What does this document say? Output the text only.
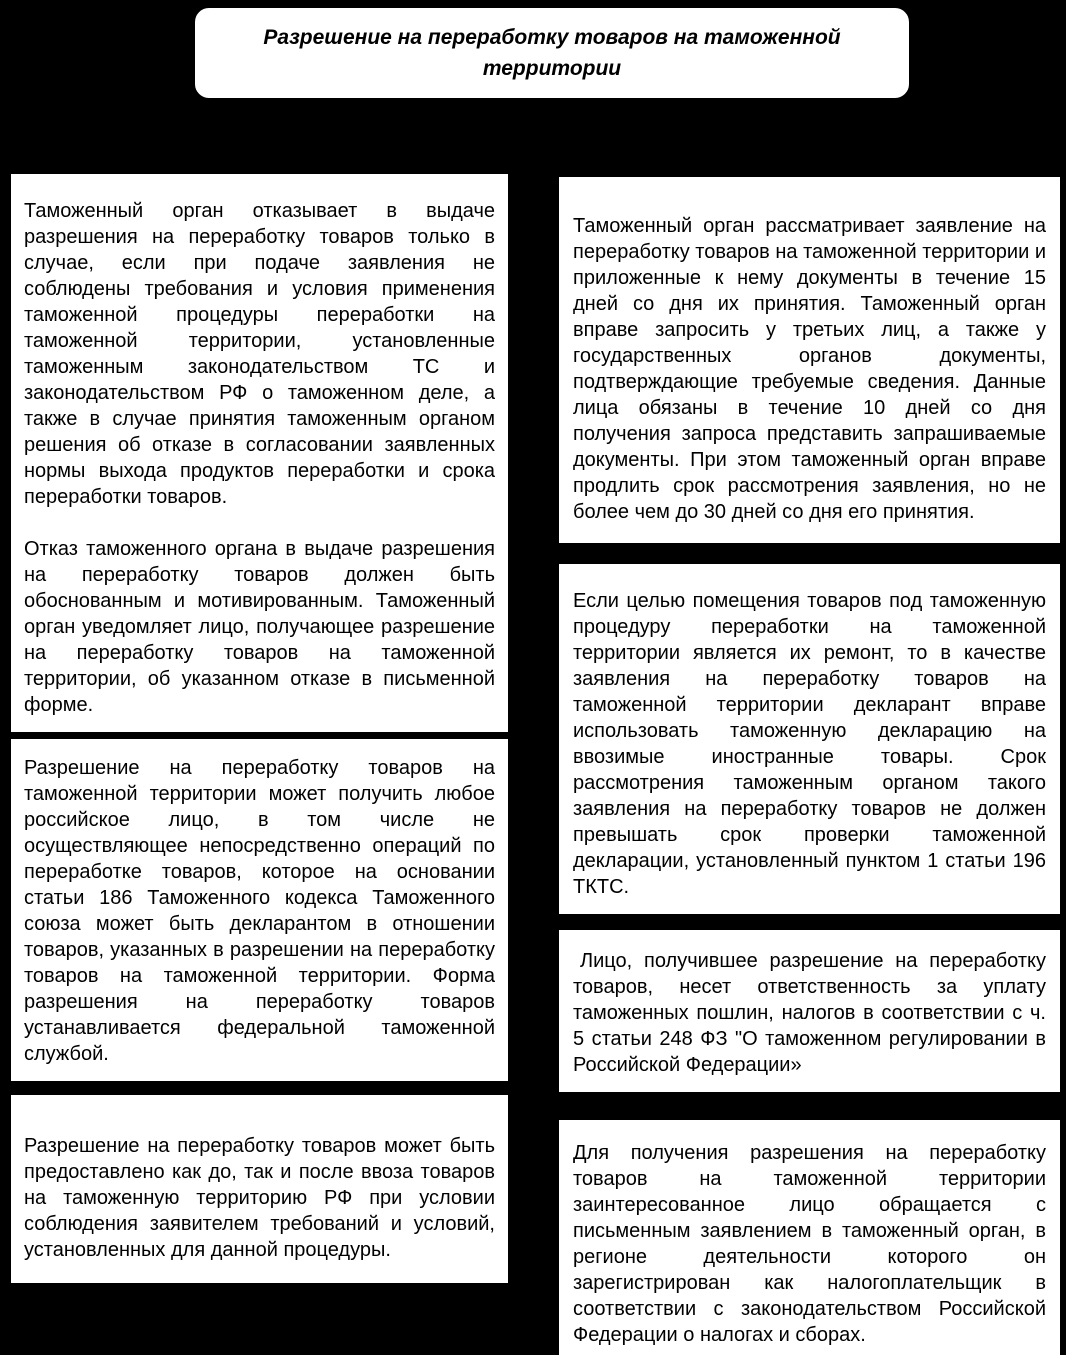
Разрешение на переработку товаров на таможенной территории

Таможенный орган отказывает в выдаче разрешения на переработку товаров только в случае, если при подаче заявления не соблюдены требования и условия применения таможенной процедуры переработки на таможенной территории, установленные таможенным законодательством ТС и законодательством РФ о таможенном деле, а также в случае принятия таможенным органом решения об отказе в согласовании заявленных нормы выхода продуктов переработки и срока переработки товаров.

Отказ таможенного органа в выдаче разрешения на переработку товаров должен быть обоснованным и мотивированным. Таможенный орган уведомляет лицо, получающее разрешение на переработку товаров на таможенной территории, об указанном отказе в письменной форме.

Разрешение на переработку товаров на таможенной территории может получить любое российское лицо, в том числе не осуществляющее непосредственно операций по переработке товаров, которое на основании статьи 186 Таможенного кодекса Таможенного союза может быть декларантом в отношении товаров, указанных в разрешении на переработку товаров на таможенной территории. Форма разрешения на переработку товаров устанавливается федеральной таможенной службой.

Разрешение на переработку товаров может быть предоставлено как до, так и после ввоза товаров на таможенную территорию РФ при условии соблюдения заявителем требований и условий, установленных для данной процедуры.

Таможенный орган рассматривает заявление на переработку товаров на таможенной территории и приложенные к нему документы в течение 15 дней со дня их принятия. Таможенный орган вправе запросить у третьих лиц, а также у государственных органов документы, подтверждающие требуемые сведения. Данные лица обязаны в течение 10 дней со дня получения запроса представить запрашиваемые документы. При этом таможенный орган вправе продлить срок рассмотрения заявления, но не более чем до 30 дней со дня его принятия.

Если целью помещения товаров под таможенную процедуру переработки на таможенной территории является их ремонт, то в качестве заявления на переработку товаров на таможенной территории декларант вправе использовать таможенную декларацию на ввозимые иностранные товары. Срок рассмотрения таможенным органом такого заявления на переработку товаров не должен превышать срок проверки таможенной декларации, установленный пунктом 1 статьи 196 ТКТС.

Лицо, получившее разрешение на переработку товаров, несет ответственность за уплату таможенных пошлин, налогов в соответствии с ч. 5 статьи 248 ФЗ "О таможенном регулировании в Российской Федерации»

Для получения разрешения на переработку товаров на таможенной территории заинтересованное лицо обращается с письменным заявлением в таможенный орган, в регионе деятельности которого он зарегистрирован как налогоплательщик в соответствии с законодательством Российской Федерации о налогах и сборах.
